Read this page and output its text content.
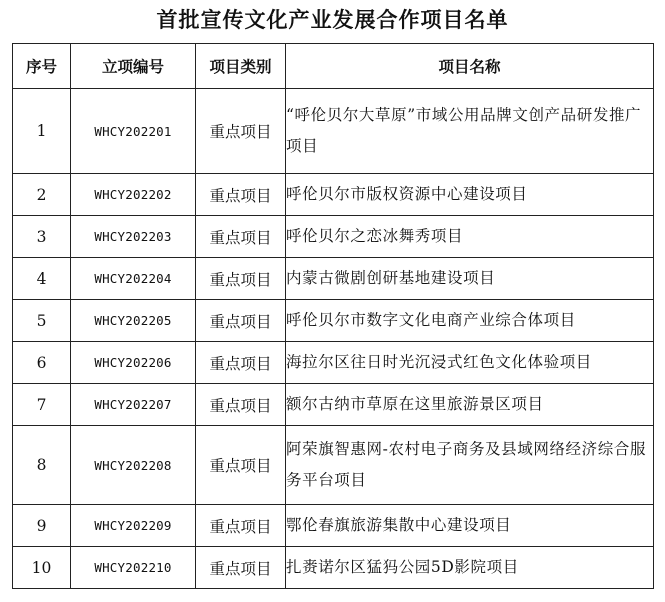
首批宣传文化产业发展合作项目名单
序号	立项编号	项目类别	项目名称
1	WHCY202201	重点项目	“呼伦贝尔大草原”市域公用品牌文创产品研发推广项目
2	WHCY202202	重点项目	呼伦贝尔市版权资源中心建设项目
3	WHCY202203	重点项目	呼伦贝尔之恋冰舞秀项目
4	WHCY202204	重点项目	内蒙古微剧创研基地建设项目
5	WHCY202205	重点项目	呼伦贝尔市数字文化电商产业综合体项目
6	WHCY202206	重点项目	海拉尔区往日时光沉浸式红色文化体验项目
7	WHCY202207	重点项目	额尔古纳市草原在这里旅游景区项目
8	WHCY202208	重点项目	阿荣旗智惠网-农村电子商务及县域网络经济综合服务平台项目
9	WHCY202209	重点项目	鄂伦春旗旅游集散中心建设项目
10	WHCY202210	重点项目	扎赉诺尔区猛犸公园5D影院项目
